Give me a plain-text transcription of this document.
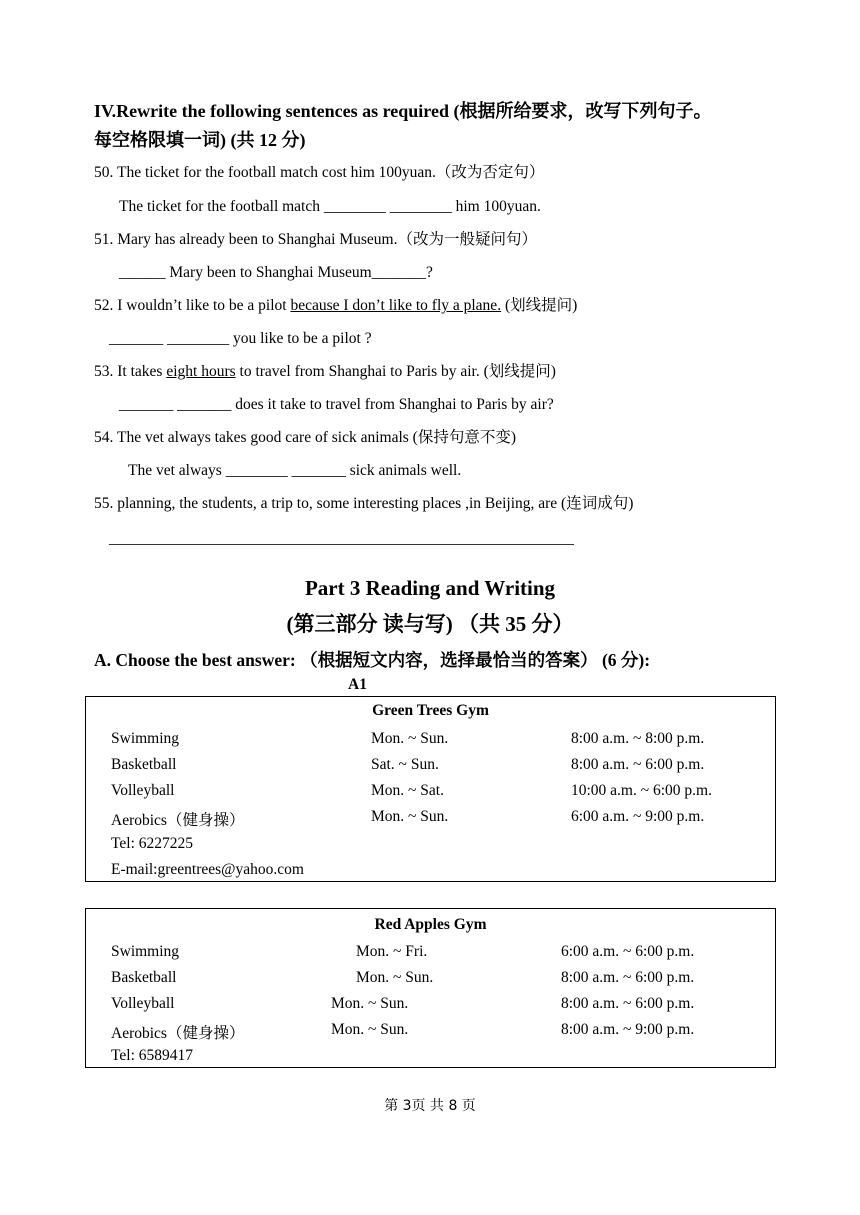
IV.Rewrite the following sentences as required (根据所给要求，改写下列句子。
每空格限填一词) (共 12 分)
50. The ticket for the football match cost him 100yuan.（改为否定句）
The ticket for the football match ________ ________ him 100yuan.
51. Mary has already been to Shanghai Museum.（改为一般疑问句）
______ Mary been to Shanghai Museum_______?
52. I wouldn’t like to be a pilot because I don’t like to fly a plane. (划线提问)
_______ ________ you like to be a pilot ?
53. It takes eight hours to travel from Shanghai to Paris by air. (划线提问)
_______ _______ does it take to travel from Shanghai to Paris by air?
54. The vet always takes good care of sick animals (保持句意不变)
The vet always ________ _______ sick animals well.
55. planning, the students, a trip to, some interesting places ,in Beijing, are (连词成句)
____________________________________________________________
Part 3 Reading and Writing
(第三部分 读与写) （共 35 分）
A. Choose the best answer: （根据短文内容，选择最恰当的答案） (6 分):
A1
Green Trees Gym
Swimming	Mon. ~ Sun.	8:00 a.m. ~ 8:00 p.m.
Basketball	Sat. ~ Sun.	8:00 a.m. ~ 6:00 p.m.
Volleyball	Mon. ~ Sat.	10:00 a.m. ~ 6:00 p.m.
Aerobics（健身操）	Mon. ~ Sun.	6:00 a.m. ~ 9:00 p.m.
Tel: 6227225
E-mail:greentrees@yahoo.com
Red Apples Gym
Swimming	Mon. ~ Fri.	6:00 a.m. ~ 6:00 p.m.
Basketball	Mon. ~ Sun.	8:00 a.m. ~ 6:00 p.m.
Volleyball	Mon. ~ Sun.	8:00 a.m. ~ 6:00 p.m.
Aerobics（健身操）	Mon. ~ Sun.	8:00 a.m. ~ 9:00 p.m.
Tel: 6589417
第 3页 共 8 页
